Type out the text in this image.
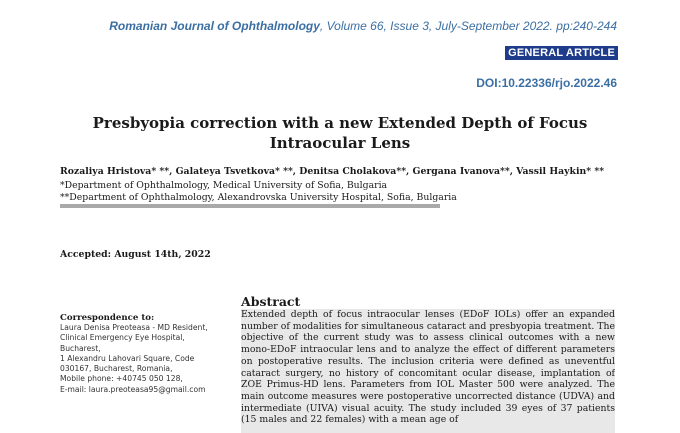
Romanian Journal of Ophthalmology, Volume 66, Issue 3, July-September 2022. pp:240-244
GENERAL ARTICLE
DOI:10.22336/rjo.2022.46
Presbyopia correction with a new Extended Depth of Focus
Intraocular Lens
Rozaliya Hristova* **, Galateya Tsvetkova* **, Denitsa Cholakova**, Gergana Ivanova**, Vassil Haykin* **
*Department of Ophthalmology, Medical University of Sofia, Bulgaria
**Department of Ophthalmology, Alexandrovska University Hospital, Sofia, Bulgaria
Accepted: August 14th, 2022
Correspondence to:
Laura Denisa Preoteasa - MD Resident,
Clinical Emergency Eye Hospital,
Bucharest,
1 Alexandru Lahovari Square, Code
030167, Bucharest, Romania,
Mobile phone: +40745 050 128,
E-mail: laura.preoteasa95@gmail.com
Abstract
Extended depth of focus intraocular lenses (EDoF IOLs) offer an expanded number of modalities for simultaneous cataract and presbyopia treatment. The objective of the current study was to assess clinical outcomes with a new mono-EDoF intraocular lens and to analyze the effect of different parameters on postoperative results. The inclusion criteria were defined as uneventful cataract surgery, no history of concomitant ocular disease, implantation of ZOE Primus-HD lens. Parameters from IOL Master 500 were analyzed. The main outcome measures were postoperative uncorrected distance (UDVA) and intermediate (UIVA) visual acuity. The study included 39 eyes of 37 patients (15 males and 22 females) with a mean age of
